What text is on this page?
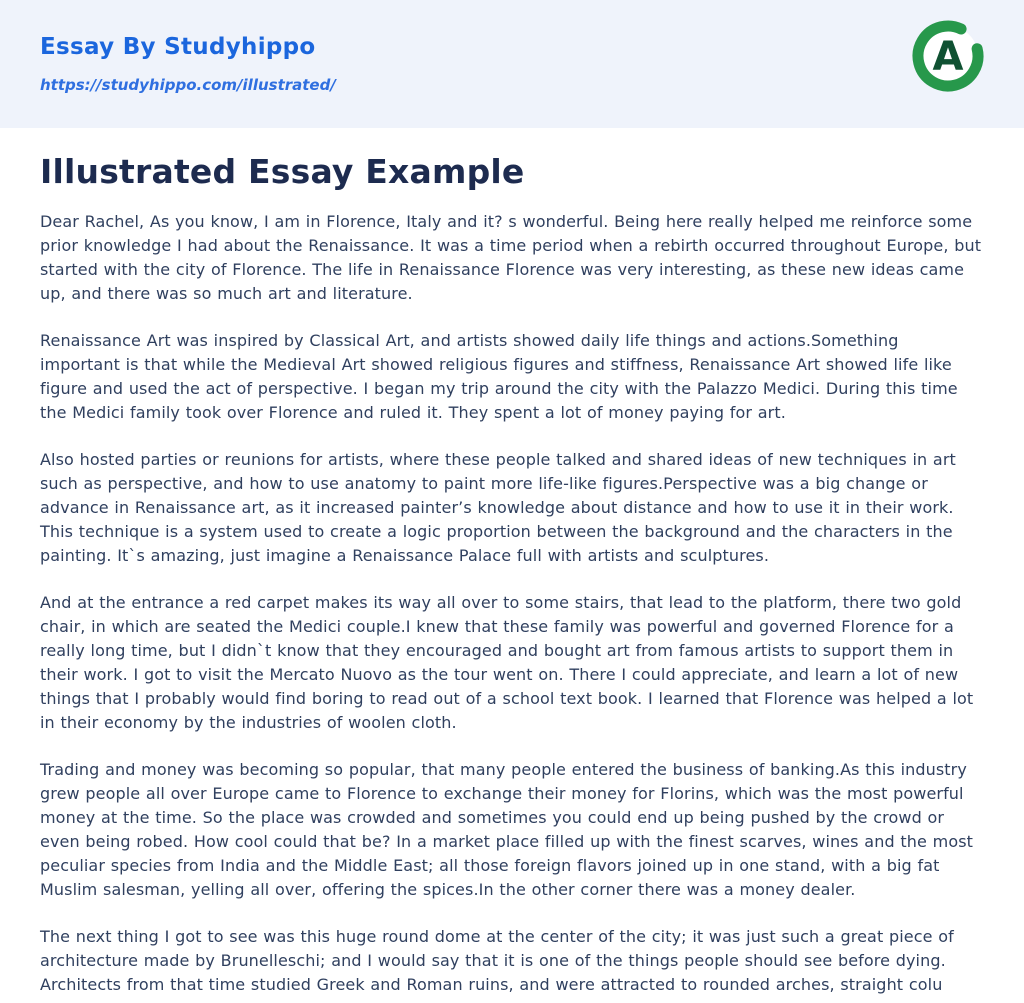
Essay By Studyhippo
https://studyhippo.com/illustrated/
A
Illustrated Essay Example

Dear Rachel, As you know, I am in Florence, Italy and it? s wonderful. Being here really helped me reinforce some prior knowledge I had about the Renaissance. It was a time period when a rebirth occurred throughout Europe, but started with the city of Florence. The life in Renaissance Florence was very interesting, as these new ideas came up, and there was so much art and literature.

Renaissance Art was inspired by Classical Art, and artists showed daily life things and actions.Something important is that while the Medieval Art showed religious figures and stiffness, Renaissance Art showed life like figure and used the act of perspective. I began my trip around the city with the Palazzo Medici. During this time the Medici family took over Florence and ruled it. They spent a lot of money paying for art.

Also hosted parties or reunions for artists, where these people talked and shared ideas of new techniques in art such as perspective, and how to use anatomy to paint more life-like figures.Perspective was a big change or advance in Renaissance art, as it increased painter’s knowledge about distance and how to use it in their work. This technique is a system used to create a logic proportion between the background and the characters in the painting. It`s amazing, just imagine a Renaissance Palace full with artists and sculptures.

And at the entrance a red carpet makes its way all over to some stairs, that lead to the platform, there two gold chair, in which are seated the Medici couple.I knew that these family was powerful and governed Florence for a really long time, but I didn`t know that they encouraged and bought art from famous artists to support them in their work. I got to visit the Mercato Nuovo as the tour went on. There I could appreciate, and learn a lot of new things that I probably would find boring to read out of a school text book. I learned that Florence was helped a lot in their economy by the industries of woolen cloth.

Trading and money was becoming so popular, that many people entered the business of banking.As this industry grew people all over Europe came to Florence to exchange their money for Florins, which was the most powerful money at the time. So the place was crowded and sometimes you could end up being pushed by the crowd or even being robed. How cool could that be? In a market place filled up with the finest scarves, wines and the most peculiar species from India and the Middle East; all those foreign flavors joined up in one stand, with a big fat Muslim salesman, yelling all over, offering the spices.In the other corner there was a money dealer.

The next thing I got to see was this huge round dome at the center of the city; it was just such a great piece of architecture made by Brunelleschi; and I would say that it is one of the things people should see before dying. Architects from that time studied Greek and Roman ruins, and were attracted to rounded arches, straight colu
